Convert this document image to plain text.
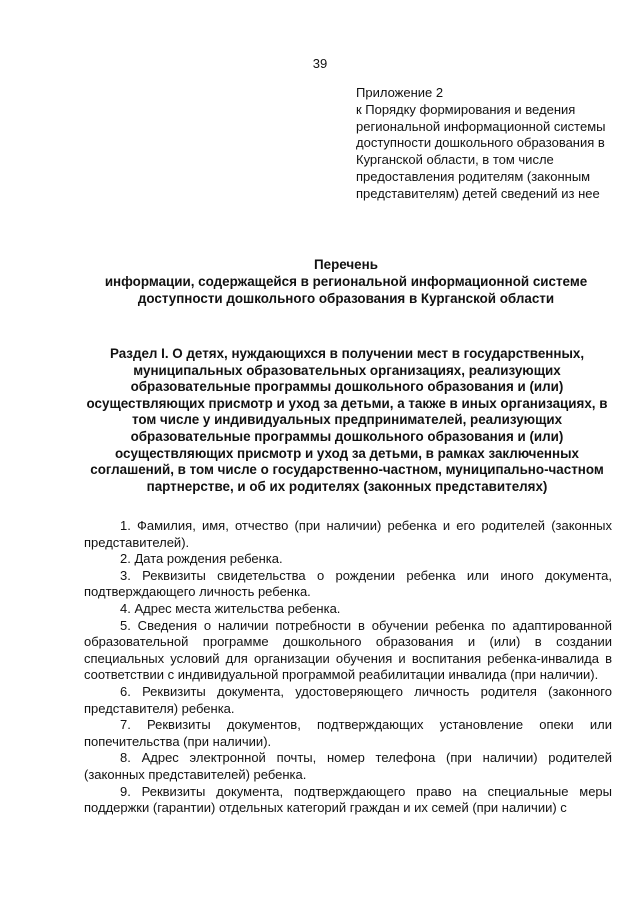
39
Приложение 2
к Порядку формирования и ведения региональной информационной системы доступности дошкольного образования в Курганской области, в том числе предоставления родителям (законным представителям) детей сведений из нее
Перечень
информации, содержащейся в региональной информационной системе доступности дошкольного образования в Курганской области
Раздел I. О детях, нуждающихся в получении мест в государственных, муниципальных образовательных организациях, реализующих образовательные программы дошкольного образования и (или) осуществляющих присмотр и уход за детьми, а также в иных организациях, в том числе у индивидуальных предпринимателей, реализующих образовательные программы дошкольного образования и (или) осуществляющих присмотр и уход за детьми, в рамках заключенных соглашений, в том числе о государственно-частном, муниципально-частном партнерстве, и об их родителях (законных представителях)

1. Фамилия, имя, отчество (при наличии) ребенка и его родителей (законных представителей).

2. Дата рождения ребенка.

3. Реквизиты свидетельства о рождении ребенка или иного документа, подтверждающего личность ребенка.

4. Адрес места жительства ребенка.

5. Сведения о наличии потребности в обучении ребенка по адаптированной образовательной программе дошкольного образования и (или) в создании специальных условий для организации обучения и воспитания ребенка-инвалида в соответствии с индивидуальной программой реабилитации инвалида (при наличии).

6. Реквизиты документа, удостоверяющего личность родителя (законного представителя) ребенка.

7. Реквизиты документов, подтверждающих установление опеки или попечительства (при наличии).

8. Адрес электронной почты, номер телефона (при наличии) родителей (законных представителей) ребенка.

9. Реквизиты документа, подтверждающего право на специальные меры поддержки (гарантии) отдельных категорий граждан и их семей (при наличии) с
